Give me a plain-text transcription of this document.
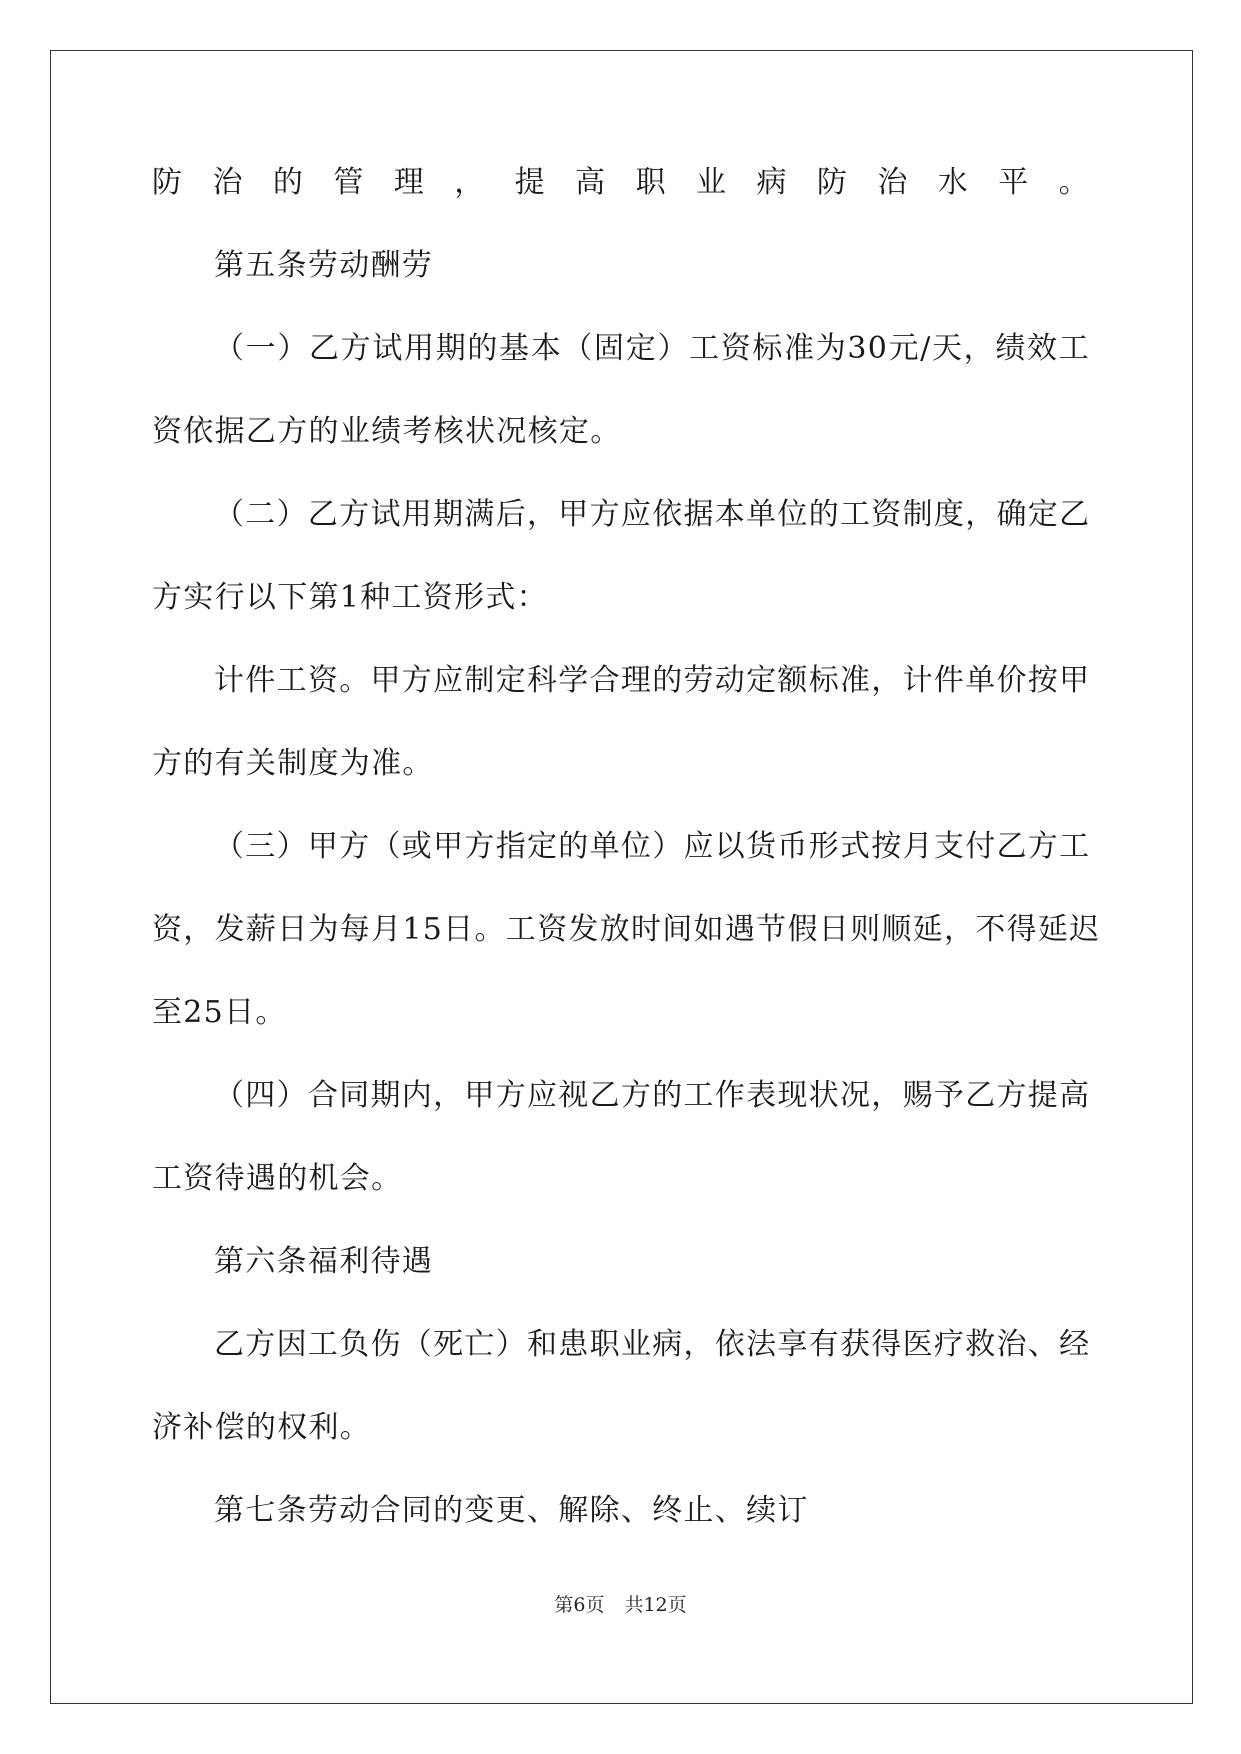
防治的管理，提高职业病防治水平。
第五条劳动酬劳
（一）乙方试用期的基本（固定）工资标准为30元/天，绩效工
资依据乙方的业绩考核状况核定。
（二）乙方试用期满后，甲方应依据本单位的工资制度，确定乙
方实行以下第1种工资形式：
计件工资。甲方应制定科学合理的劳动定额标准，计件单价按甲
方的有关制度为准。
（三）甲方（或甲方指定的单位）应以货币形式按月支付乙方工
资，发薪日为每月15日。工资发放时间如遇节假日则顺延，不得延迟
至25日。
（四）合同期内，甲方应视乙方的工作表现状况，赐予乙方提高
工资待遇的机会。
第六条福利待遇
乙方因工负伤（死亡）和患职业病，依法享有获得医疗救治、经
济补偿的权利。
第七条劳动合同的变更、解除、终止、续订
第6页 共12页
